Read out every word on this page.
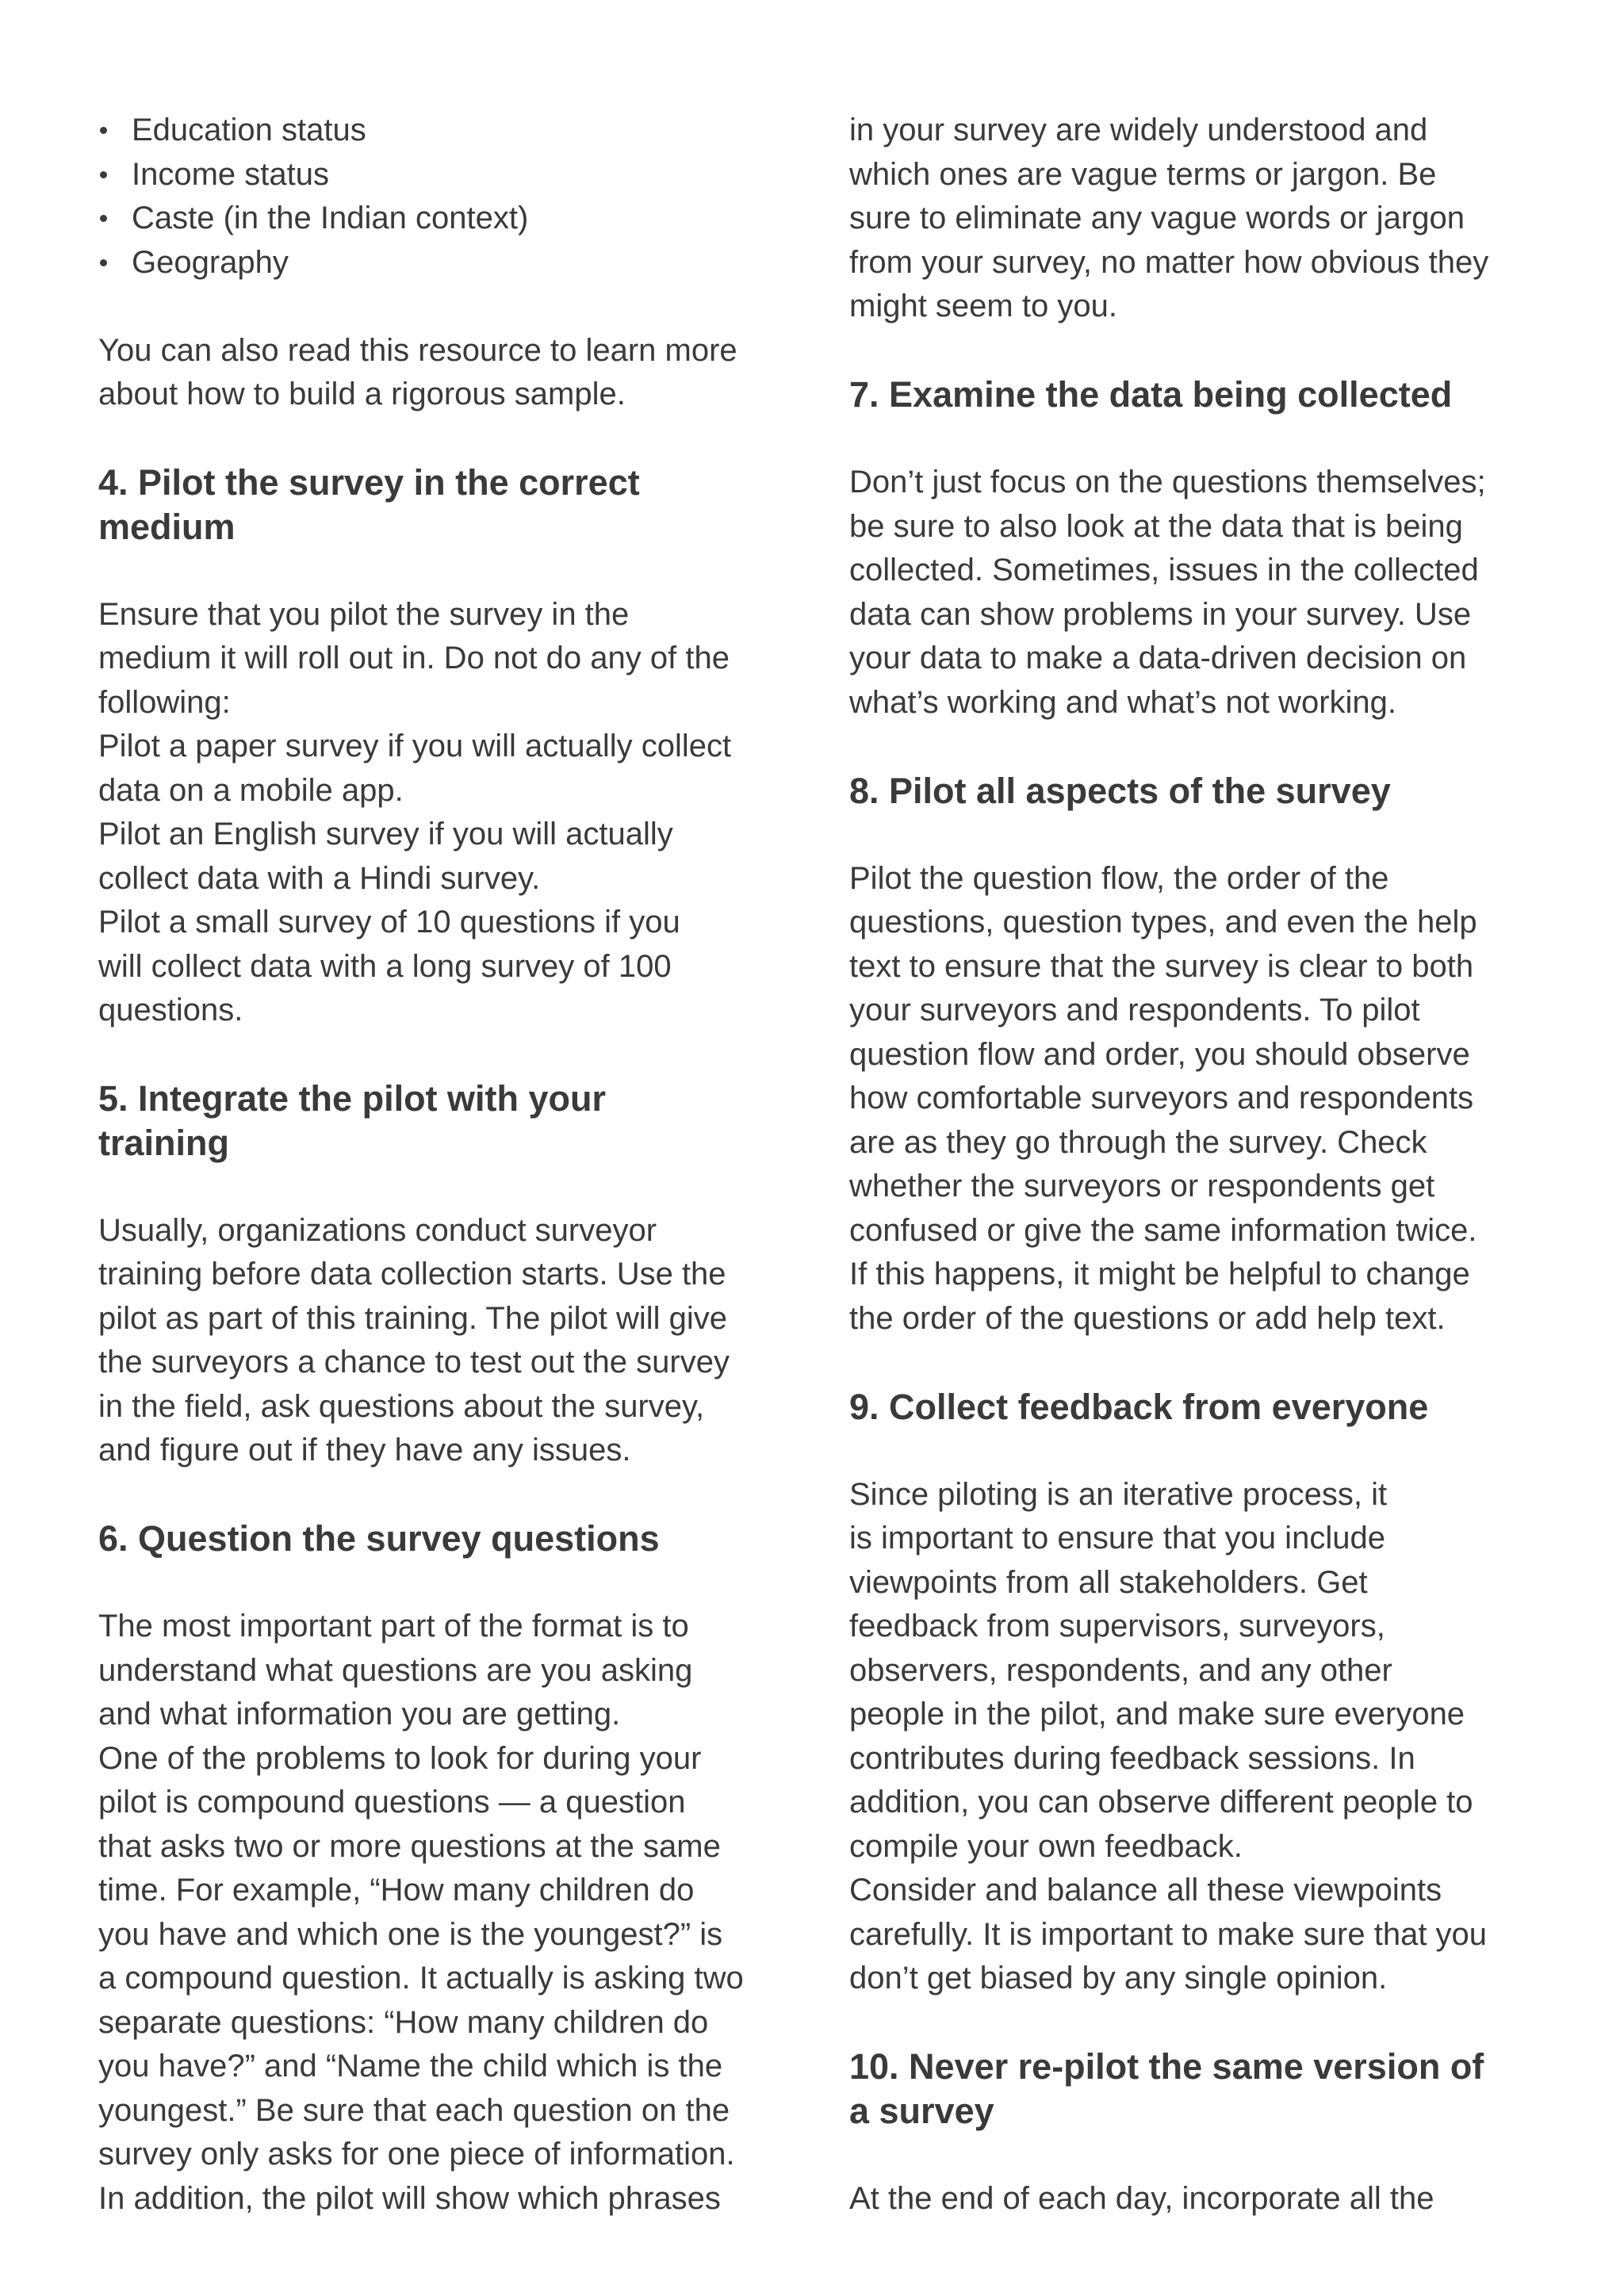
Education status
Income status
Caste (in the Indian context)
Geography

You can also read this resource to learn more

about how to build a rigorous sample.

4. Pilot the survey in the correct

medium

Ensure that you pilot the survey in the

medium it will roll out in. Do not do any of the

following:

Pilot a paper survey if you will actually collect

data on a mobile app.

Pilot an English survey if you will actually

collect data with a Hindi survey.

Pilot a small survey of 10 questions if you

will collect data with a long survey of 100

questions.

5. Integrate the pilot with your

training

Usually, organizations conduct surveyor

training before data collection starts. Use the

pilot as part of this training. The pilot will give

the surveyors a chance to test out the survey

in the field, ask questions about the survey,

and figure out if they have any issues.

6. Question the survey questions

The most important part of the format is to

understand what questions are you asking

and what information you are getting.

One of the problems to look for during your

pilot is compound questions — a question

that asks two or more questions at the same

time. For example, “How many children do

you have and which one is the youngest?” is

a compound question. It actually is asking two

separate questions: “How many children do

you have?” and “Name the child which is the

youngest.” Be sure that each question on the

survey only asks for one piece of information.

In addition, the pilot will show which phrases

in your survey are widely understood and

which ones are vague terms or jargon. Be

sure to eliminate any vague words or jargon

from your survey, no matter how obvious they

might seem to you.

7. Examine the data being collected

Don’t just focus on the questions themselves;

be sure to also look at the data that is being

collected. Sometimes, issues in the collected

data can show problems in your survey. Use

your data to make a data-driven decision on

what’s working and what’s not working.

8. Pilot all aspects of the survey

Pilot the question flow, the order of the

questions, question types, and even the help

text to ensure that the survey is clear to both

your surveyors and respondents. To pilot

question flow and order, you should observe

how comfortable surveyors and respondents

are as they go through the survey. Check

whether the surveyors or respondents get

confused or give the same information twice.

If this happens, it might be helpful to change

the order of the questions or add help text.

9. Collect feedback from everyone

Since piloting is an iterative process, it

is important to ensure that you include

viewpoints from all stakeholders. Get

feedback from supervisors, surveyors,

observers, respondents, and any other

people in the pilot, and make sure everyone

contributes during feedback sessions. In

addition, you can observe different people to

compile your own feedback.

Consider and balance all these viewpoints

carefully. It is important to make sure that you

don’t get biased by any single opinion.

10. Never re-pilot the same version of

a survey

At the end of each day, incorporate all the
